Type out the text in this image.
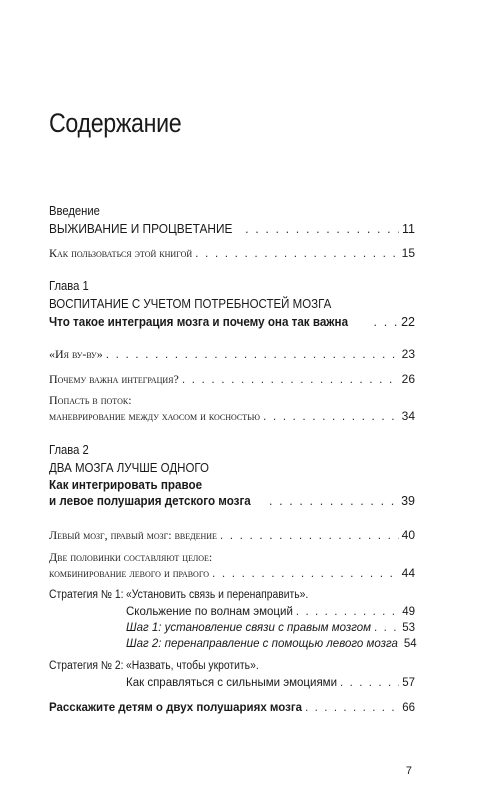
Содержание
Введение
ВЫЖИВАНИЕ И ПРОЦВЕТАНИЕ . . .	11
Как пользоваться этой книгой . . .	15
Глава 1
ВОСПИТАНИЕ С УЧЕТОМ ПОТРЕБНОСТЕЙ МОЗГА
Что такое интеграция мозга и почему она так важна . . .	22
«Ия ву-ву» . . .	23
Почему важна интеграция? . . .	26
Попасть в поток:
маневрирование между хаосом и косностью . . .	34
Глава 2
ДВА МОЗГА ЛУЧШЕ ОДНОГО
Как интегрировать правое
и левое полушария детского мозга . . .	39
Левый мозг, правый мозг: введение . . .	40
Две половинки составляют целое:
комбинирование левого и правого . . .	44
Стратегия № 1: «Установить связь и перенаправить».
Скольжение по волнам эмоций . . .	49
Шаг 1: установление связи с правым мозгом . . .	53
Шаг 2: перенаправление с помощью левого мозга 54
Стратегия № 2: «Назвать, чтобы укротить».
Как справляться с сильными эмоциями . . .	57
Расскажите детям о двух полушариях мозга . . .	66
7
